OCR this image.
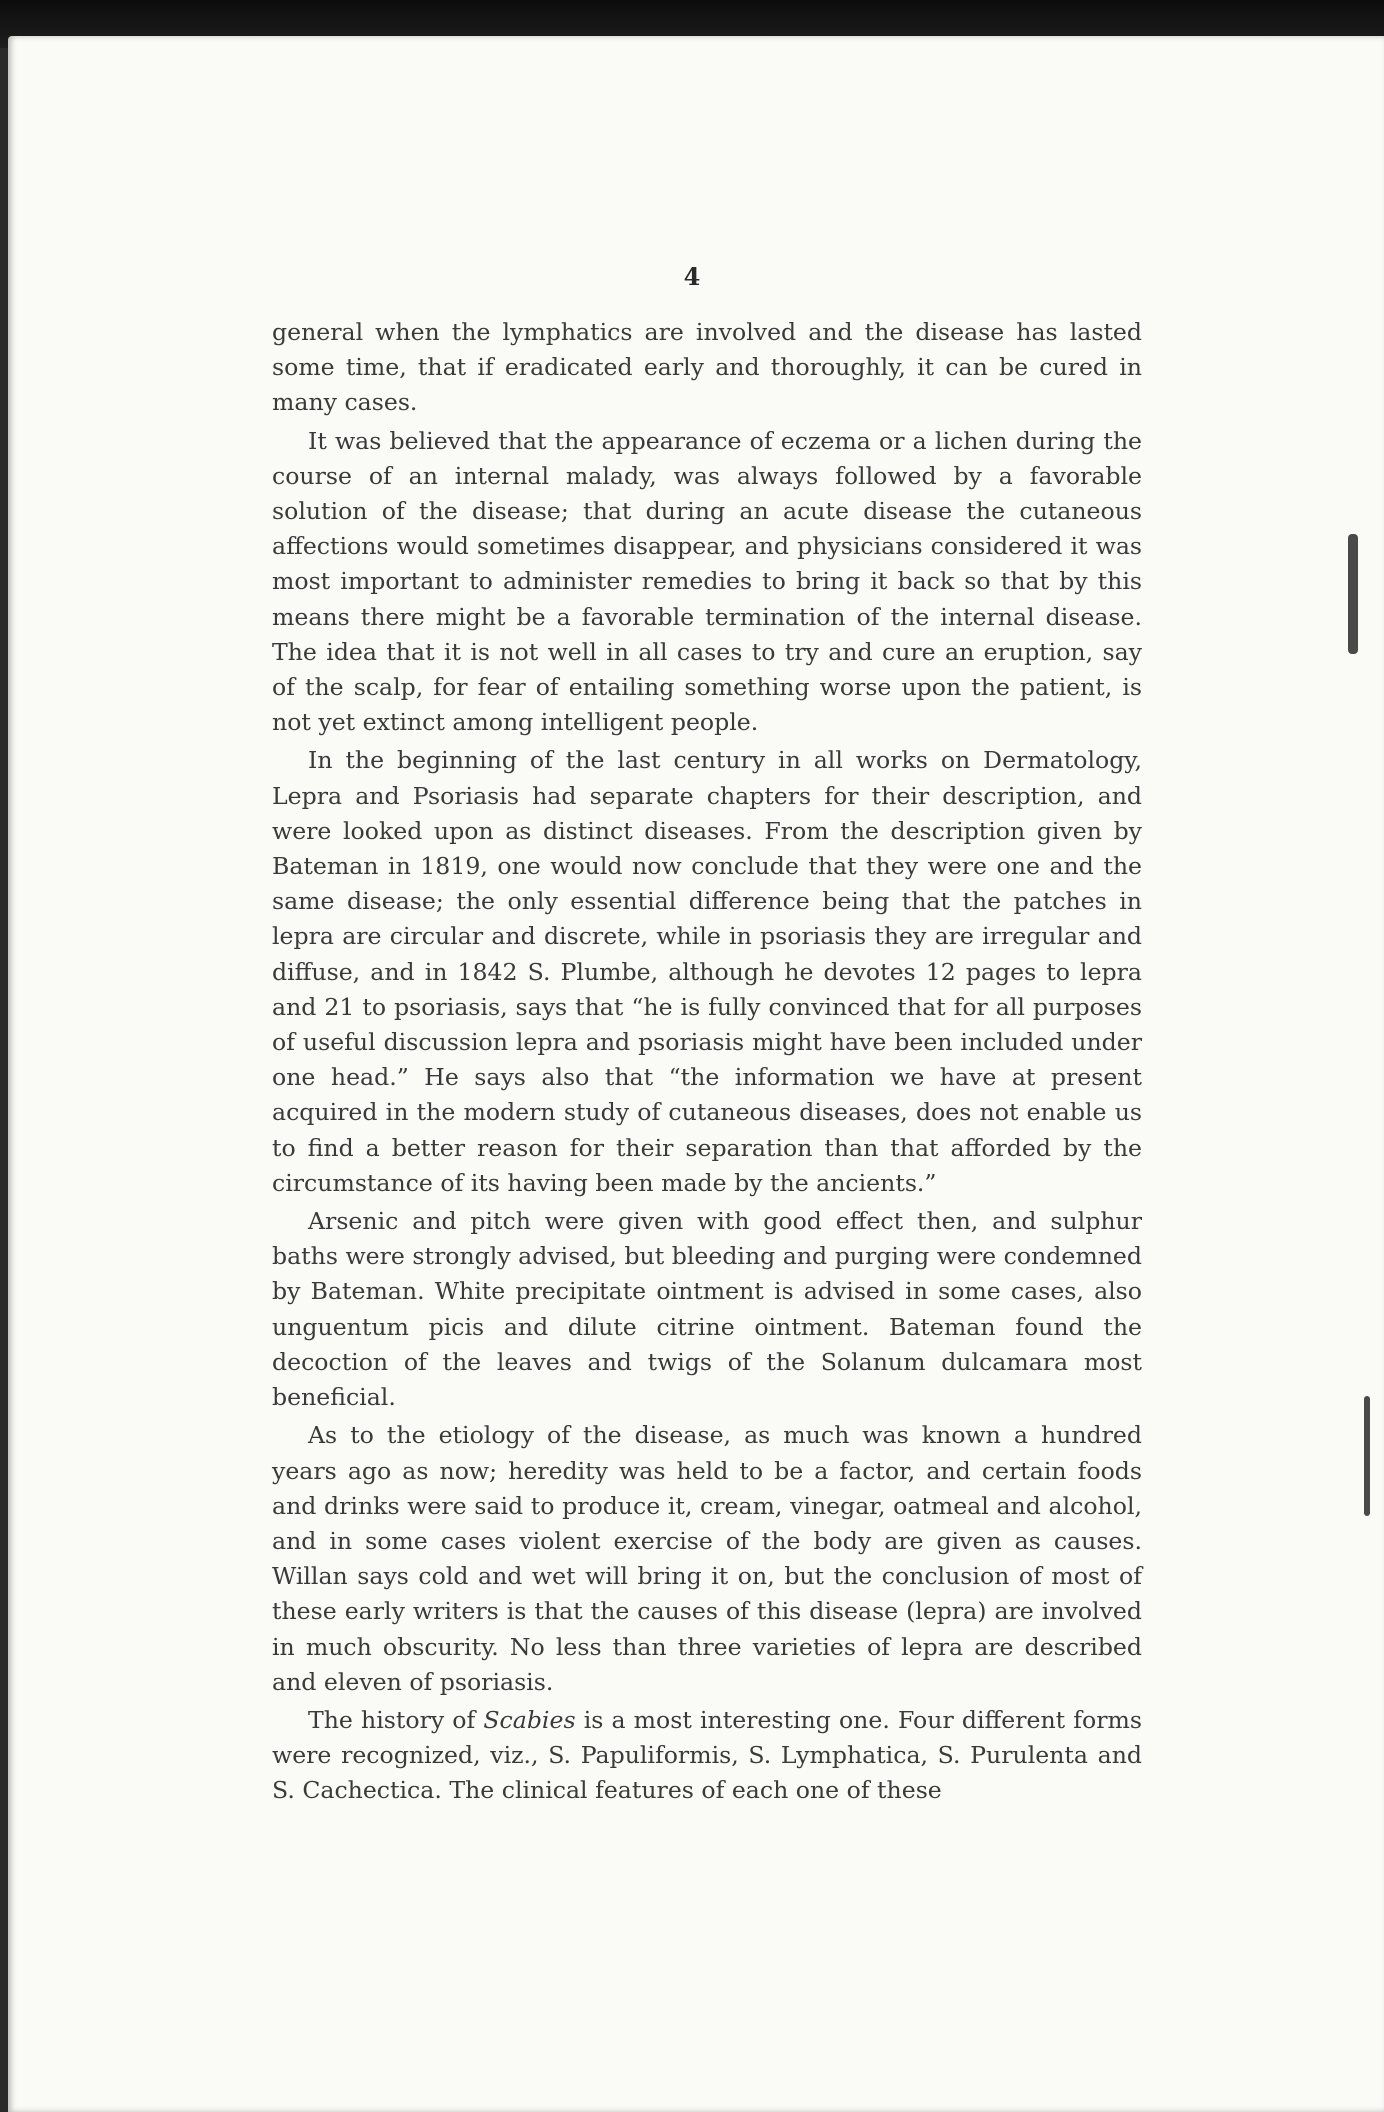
4

general when the lymphatics are involved and the disease has lasted some time, that if eradicated early and thoroughly, it can be cured in many cases.

It was believed that the appearance of eczema or a lichen during the course of an internal malady, was always followed by a favorable solution of the disease; that during an acute disease the cutaneous affections would sometimes disappear, and physicians considered it was most important to administer remedies to bring it back so that by this means there might be a favorable termination of the internal disease. The idea that it is not well in all cases to try and cure an eruption, say of the scalp, for fear of entailing something worse upon the patient, is not yet extinct among intelligent people.

In the beginning of the last century in all works on Dermatology, Lepra and Psoriasis had separate chapters for their description, and were looked upon as distinct diseases. From the description given by Bateman in 1819, one would now conclude that they were one and the same disease; the only essential difference being that the patches in lepra are circular and discrete, while in psoriasis they are irregular and diffuse, and in 1842 S. Plumbe, although he devotes 12 pages to lepra and 21 to psoriasis, says that “he is fully convinced that for all purposes of useful discussion lepra and psoriasis might have been included under one head.” He says also that “the information we have at present acquired in the modern study of cutaneous diseases, does not enable us to find a better reason for their separation than that afforded by the circumstance of its having been made by the ancients.”

Arsenic and pitch were given with good effect then, and sulphur baths were strongly advised, but bleeding and purging were condemned by Bateman. White precipitate ointment is advised in some cases, also unguentum picis and dilute citrine ointment. Bateman found the decoction of the leaves and twigs of the Solanum dulcamara most beneficial.

As to the etiology of the disease, as much was known a hundred years ago as now; heredity was held to be a factor, and certain foods and drinks were said to produce it, cream, vinegar, oatmeal and alcohol, and in some cases violent exercise of the body are given as causes. Willan says cold and wet will bring it on, but the conclusion of most of these early writers is that the causes of this disease (lepra) are involved in much obscurity. No less than three varieties of lepra are described and eleven of psoriasis.

The history of Scabies is a most interesting one. Four different forms were recognized, viz., S. Papuliformis, S. Lymphatica, S. Purulenta and S. Cachectica. The clinical features of each one of these
